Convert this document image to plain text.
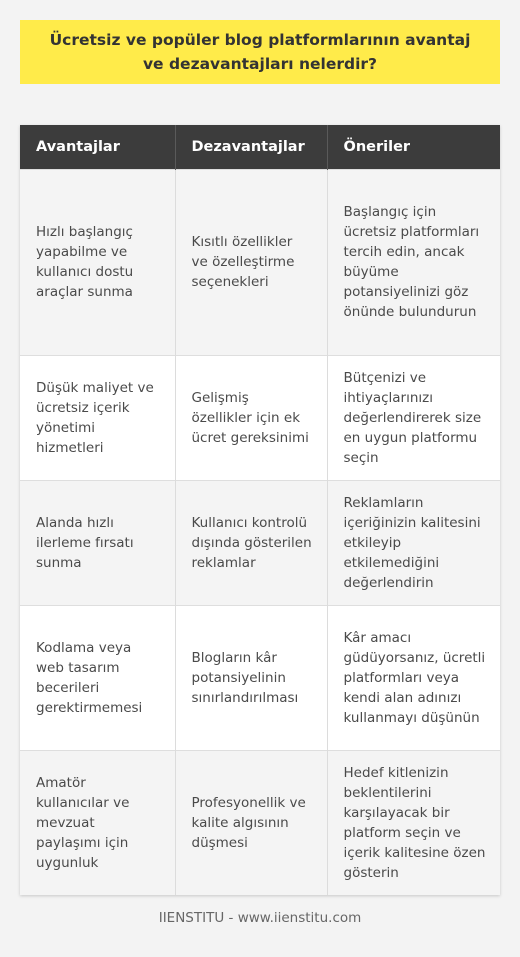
Ücretsiz ve popüler blog platformlarının avantaj ve dezavantajları nelerdir?
Avantajlar	Dezavantajlar	Öneriler
Hızlı başlangıç yapabilme ve kullanıcı dostu araçlar sunma	Kısıtlı özellikler ve özelleştirme seçenekleri	Başlangıç için ücretsiz platformları tercih edin, ancak büyüme potansiyelinizi göz önünde bulundurun
Düşük maliyet ve ücretsiz içerik yönetimi hizmetleri	Gelişmiş özellikler için ek ücret gereksinimi	Bütçenizi ve ihtiyaçlarınızı değerlendirerek size en uygun platformu seçin
Alanda hızlı ilerleme fırsatı sunma	Kullanıcı kontrolü dışında gösterilen reklamlar	Reklamların içeriğinizin kalitesini etkileyip etkilemediğini değerlendirin
Kodlama veya web tasarım becerileri gerektirmemesi	Blogların kâr potansiyelinin sınırlandırılması	Kâr amacı güdüyorsanız, ücretli platformları veya kendi alan adınızı kullanmayı düşünün
Amatör kullanıcılar ve mevzuat paylaşımı için uygunluk	Profesyonellik ve kalite algısının düşmesi	Hedef kitlenizin beklentilerini karşılayacak bir platform seçin ve içerik kalitesine özen gösterin
IIENSTITU - www.iienstitu.com
